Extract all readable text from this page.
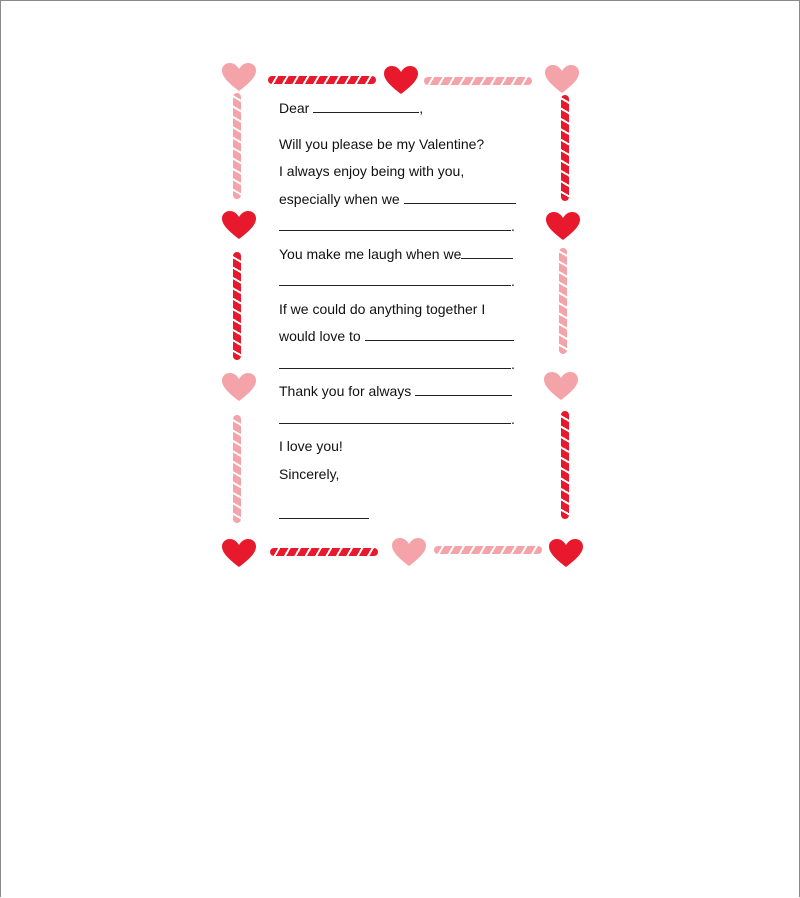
Dear	,
Will you please be my Valentine?
I always enjoy being with you,
especially when we
.
You make me laugh when we
.
If we could do anything together I
would love to
.
Thank you for always
.
I love you!
Sincerely,
